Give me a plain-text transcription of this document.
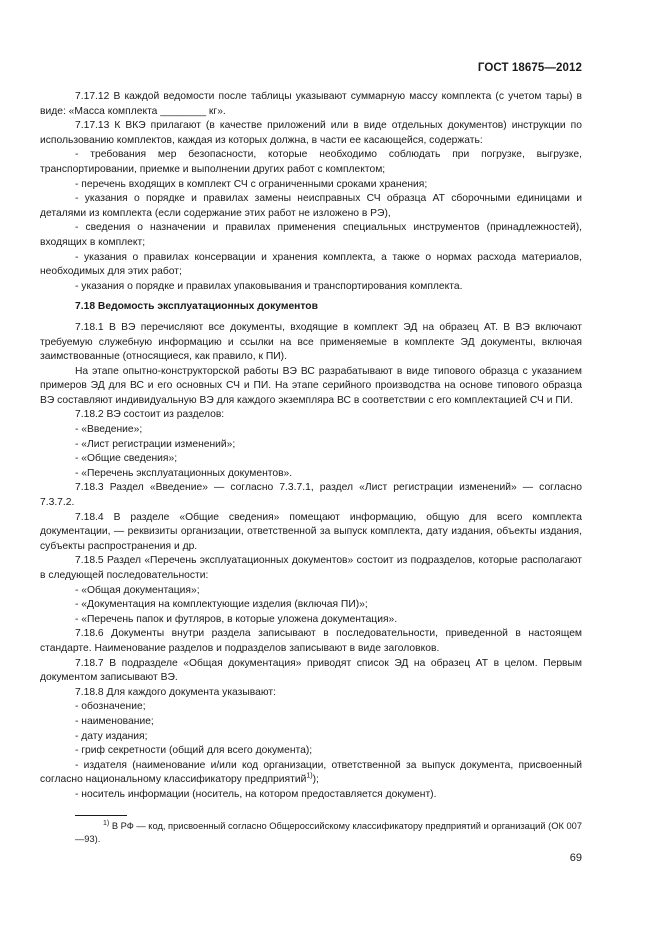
ГОСТ 18675—2012

7.17.12 В каждой ведомости после таблицы указывают суммарную массу комплекта (с учетом тары) в виде: «Масса комплекта ________ кг».

7.17.13 К ВКЭ прилагают (в качестве приложений или в виде отдельных документов) инструкции по использованию комплектов, каждая из которых должна, в части ее касающейся, содержать:

- требования мер безопасности, которые необходимо соблюдать при погрузке, выгрузке, транспортировании, приемке и выполнении других работ с комплектом;

- перечень входящих в комплект СЧ с ограниченными сроками хранения;

- указания о порядке и правилах замены неисправных СЧ образца АТ сборочными единицами и деталями из комплекта (если содержание этих работ не изложено в РЭ),

- сведения о назначении и правилах применения специальных инструментов (принадлежностей), входящих в комплект;

- указания о правилах консервации и хранения комплекта, а также о нормах расхода материалов, необходимых для этих работ;

- указания о порядке и правилах упаковывания и транспортирования комплекта.

7.18 Ведомость эксплуатационных документов

7.18.1 В ВЭ перечисляют все документы, входящие в комплект ЭД на образец АТ. В ВЭ включают требуемую служебную информацию и ссылки на все применяемые в комплекте ЭД документы, включая заимствованные (относящиеся, как правило, к ПИ).

На этапе опытно-конструкторской работы ВЭ ВС разрабатывают в виде типового образца с указанием примеров ЭД для ВС и его основных СЧ и ПИ. На этапе серийного производства на основе типового образца ВЭ составляют индивидуальную ВЭ для каждого экземпляра ВС в соответствии с его комплектацией СЧ и ПИ.

7.18.2 ВЭ состоит из разделов:

- «Введение»;

- «Лист регистрации изменений»;

- «Общие сведения»;

- «Перечень эксплуатационных документов».

7.18.3 Раздел «Введение» — согласно 7.3.7.1, раздел «Лист регистрации изменений» — согласно 7.3.7.2.

7.18.4 В разделе «Общие сведения» помещают информацию, общую для всего комплекта документации, — реквизиты организации, ответственной за выпуск комплекта, дату издания, объекты издания, субъекты распространения и др.

7.18.5 Раздел «Перечень эксплуатационных документов» состоит из подразделов, которые располагают в следующей последовательности:

- «Общая документация»;

- «Документация на комплектующие изделия (включая ПИ)»;

- «Перечень папок и футляров, в которые уложена документация».

7.18.6 Документы внутри раздела записывают в последовательности, приведенной в настоящем стандарте. Наименование разделов и подразделов записывают в виде заголовков.

7.18.7 В подразделе «Общая документация» приводят список ЭД на образец АТ в целом. Первым документом записывают ВЭ.

7.18.8 Для каждого документа указывают:

- обозначение;

- наименование;

- дату издания;

- гриф секретности (общий для всего документа);

- издателя (наименование и/или код организации, ответственной за выпуск документа, присвоенный согласно национальному классификатору предприятий$^{1)}$);

- носитель информации (носитель, на котором предоставляется документ).

$^{1)}$ В РФ — код, присвоенный согласно Общероссийскому классификатору предприятий и организаций (ОК 007—93).
69
